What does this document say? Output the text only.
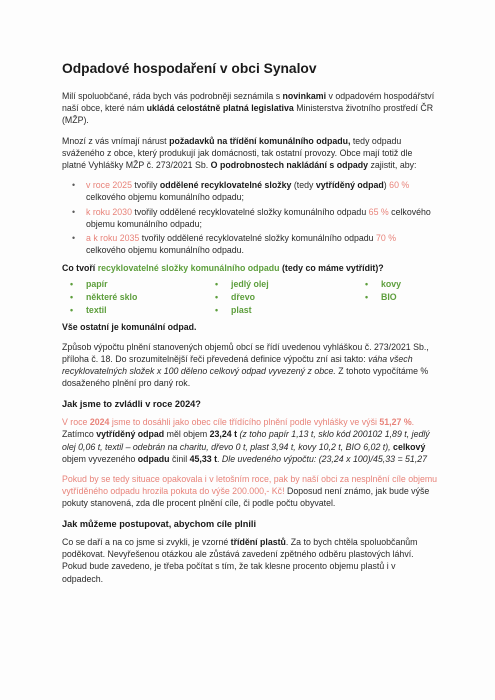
Odpadové hospodaření v obci Synalov

Milí spoluobčané, ráda bych vás podrobněji seznámila s novinkami v odpadovém hospodářství naší obce, které nám ukládá celostátně platná legislativa Ministerstva životního prostředí ČR (MŽP).

Mnozí z vás vnímají nárust požadavků na třídění komunálního odpadu, tedy odpadu sváženého z obce, který produkují jak domácnosti, tak ostatní provozy. Obce mají totiž dle platné Vyhlášky MŽP č. 273/2021 Sb. O podrobnostech nakládání s odpady zajistit, aby:

• v roce 2025 tvořily oddělené recyklovatelné složky (tedy vytříděný odpad) 60 % celkového objemu komunálního odpadu;
• k roku 2030 tvořily oddělené recyklovatelné složky komunálního odpadu 65 % celkového objemu komunálního odpadu;
• a k roku 2035 tvořily oddělené recyklovatelné složky komunálního odpadu 70 % celkového objemu komunálního odpadu.

Co tvoří recyklovatelné složky komunálního odpadu (tedy co máme vytřídit)?

• papír	• jedlý olej	• kovy
• některé sklo	• dřevo	• BIO
• textil	• plast

Vše ostatní je komunální odpad.

Způsob výpočtu plnění stanovených objemů obcí se řídí uvedenou vyhláškou č. 273/2021 Sb., příloha č. 18. Do srozumitelnější řeči převedená definice výpočtu zní asi takto: váha všech recyklovatelných složek x 100 děleno celkový odpad vyvezený z obce. Z tohoto vypočítáme % dosaženého plnění pro daný rok.

Jak jsme to zvládli v roce 2024?

V roce 2024 jsme to dosáhli jako obec cíle třídícího plnění podle vyhlášky ve výši 51,27 %. Zatímco vytříděný odpad měl objem 23,24 t (z toho papír 1,13 t, sklo kód 200102 1,89 t, jedlý olej 0,06 t, textil – odebrán na charitu, dřevo 0 t, plast 3,94 t, kovy 10,2 t, BIO 6,02 t), celkový objem vyvezeného odpadu činil 45,33 t. Dle uvedeného výpočtu: (23,24 x 100)/45,33 = 51,27

Pokud by se tedy situace opakovala i v letošním roce, pak by naší obci za nesplnění cíle objemu vytříděného odpadu hrozila pokuta do výše 200.000,- Kč! Doposud není známo, jak bude výše pokuty stanovená, zda dle procent plnění cíle, či podle počtu obyvatel.

Jak můžeme postupovat, abychom cíle plnili

Co se daří a na co jsme si zvykli, je vzorné třídění plastů. Za to bych chtěla spoluobčanům poděkovat. Nevyřešenou otázkou ale zůstává zavedení zpětného odběru plastových láhví. Pokud bude zavedeno, je třeba počítat s tím, že tak klesne procento objemu plastů i v odpadech.
